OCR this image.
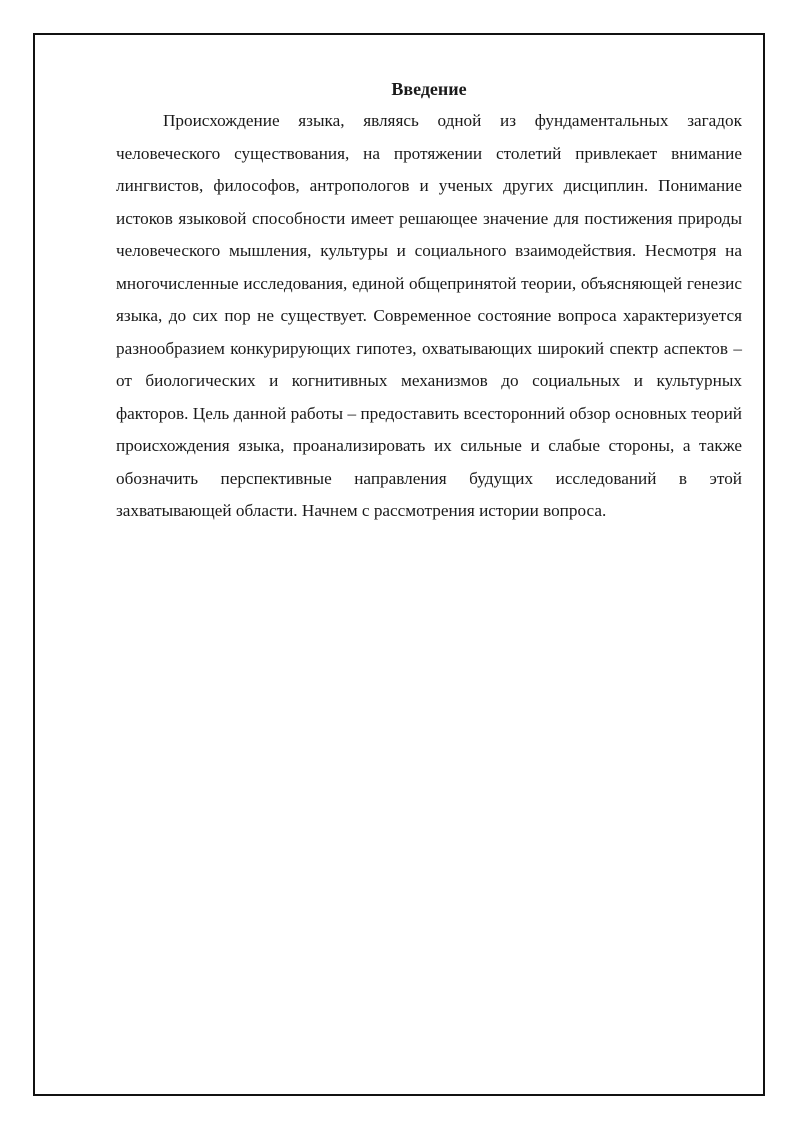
Введение

Происхождение языка, являясь одной из фундаментальных загадок человеческого существования, на протяжении столетий привлекает внимание лингвистов, философов, антропологов и ученых других дисциплин. Понимание истоков языковой способности имеет решающее значение для постижения природы человеческого мышления, культуры и социального взаимодействия. Несмотря на многочисленные исследования, единой общепринятой теории, объясняющей генезис языка, до сих пор не существует. Современное состояние вопроса характеризуется разнообразием конкурирующих гипотез, охватывающих широкий спектр аспектов – от биологических и когнитивных механизмов до социальных и культурных факторов. Цель данной работы – предоставить всесторонний обзор основных теорий происхождения языка, проанализировать их сильные и слабые стороны, а также обозначить перспективные направления будущих исследований в этой захватывающей области. Начнем с рассмотрения истории вопроса.
